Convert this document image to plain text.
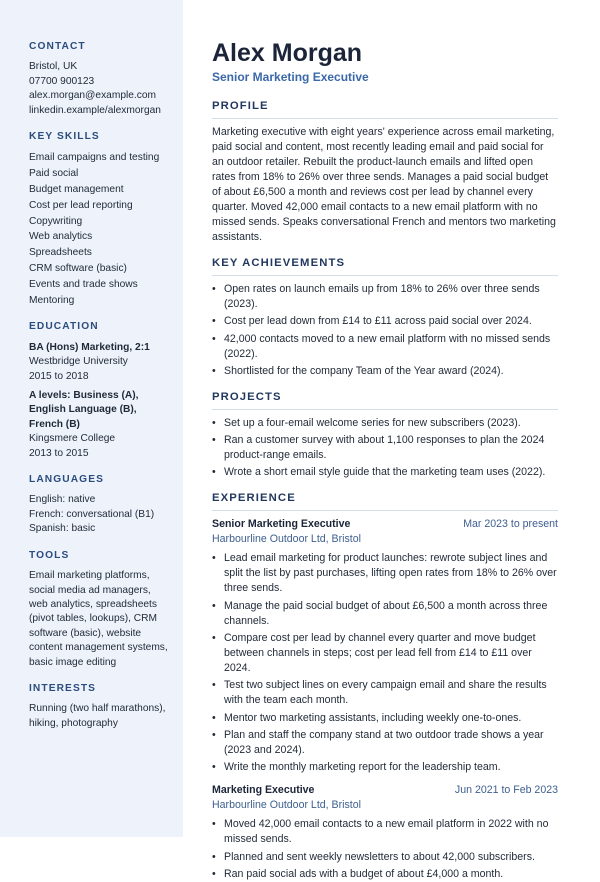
CONTACT
Bristol, UK
07700 900123
alex.morgan@example.com
linkedin.example/alexmorgan
KEY SKILLS
Email campaigns and testing
Paid social
Budget management
Cost per lead reporting
Copywriting
Web analytics
Spreadsheets
CRM software (basic)
Events and trade shows
Mentoring
EDUCATION
BA (Hons) Marketing, 2:1
Westbridge University
2015 to 2018
A levels: Business (A),
English Language (B),
French (B)
Kingsmere College
2013 to 2015
LANGUAGES
English: native
French: conversational (B1)
Spanish: basic
TOOLS
Email marketing platforms,
social media ad managers,
web analytics, spreadsheets
(pivot tables, lookups), CRM
software (basic), website
content management systems,
basic image editing
INTERESTS
Running (two half marathons),
hiking, photography
Alex Morgan
Senior Marketing Executive
PROFILE

Marketing executive with eight years' experience across email marketing, paid social and content, most recently leading email and paid social for an outdoor retailer. Rebuilt the product-launch emails and lifted open rates from 18% to 26% over three sends. Manages a paid social budget of about £6,500 a month and reviews cost per lead by channel every quarter. Moved 42,000 email contacts to a new email platform with no missed sends. Speaks conversational French and mentors two marketing assistants.

KEY ACHIEVEMENTS
• Open rates on launch emails up from 18% to 26% over three sends (2023).
• Cost per lead down from £14 to £11 across paid social over 2024.
• 42,000 contacts moved to a new email platform with no missed sends (2022).
• Shortlisted for the company Team of the Year award (2024).
PROJECTS
• Set up a four-email welcome series for new subscribers (2023).
• Ran a customer survey with about 1,100 responses to plan the 2024 product-range emails.
• Wrote a short email style guide that the marketing team uses (2022).
EXPERIENCE
Senior Marketing Executive	Mar 2023 to present
Harbourline Outdoor Ltd, Bristol
• Lead email marketing for product launches: rewrote subject lines and split the list by past purchases, lifting open rates from 18% to 26% over three sends.
• Manage the paid social budget of about £6,500 a month across three channels.
• Compare cost per lead by channel every quarter and move budget between channels in steps; cost per lead fell from £14 to £11 over 2024.
• Test two subject lines on every campaign email and share the results with the team each month.
• Mentor two marketing assistants, including weekly one-to-ones.
• Plan and staff the company stand at two outdoor trade shows a year (2023 and 2024).
• Write the monthly marketing report for the leadership team.
Marketing Executive	Jun 2021 to Feb 2023
Harbourline Outdoor Ltd, Bristol
• Moved 42,000 email contacts to a new email platform in 2022 with no missed sends.
• Planned and sent weekly newsletters to about 42,000 subscribers.
• Ran paid social ads with a budget of about £4,000 a month.
